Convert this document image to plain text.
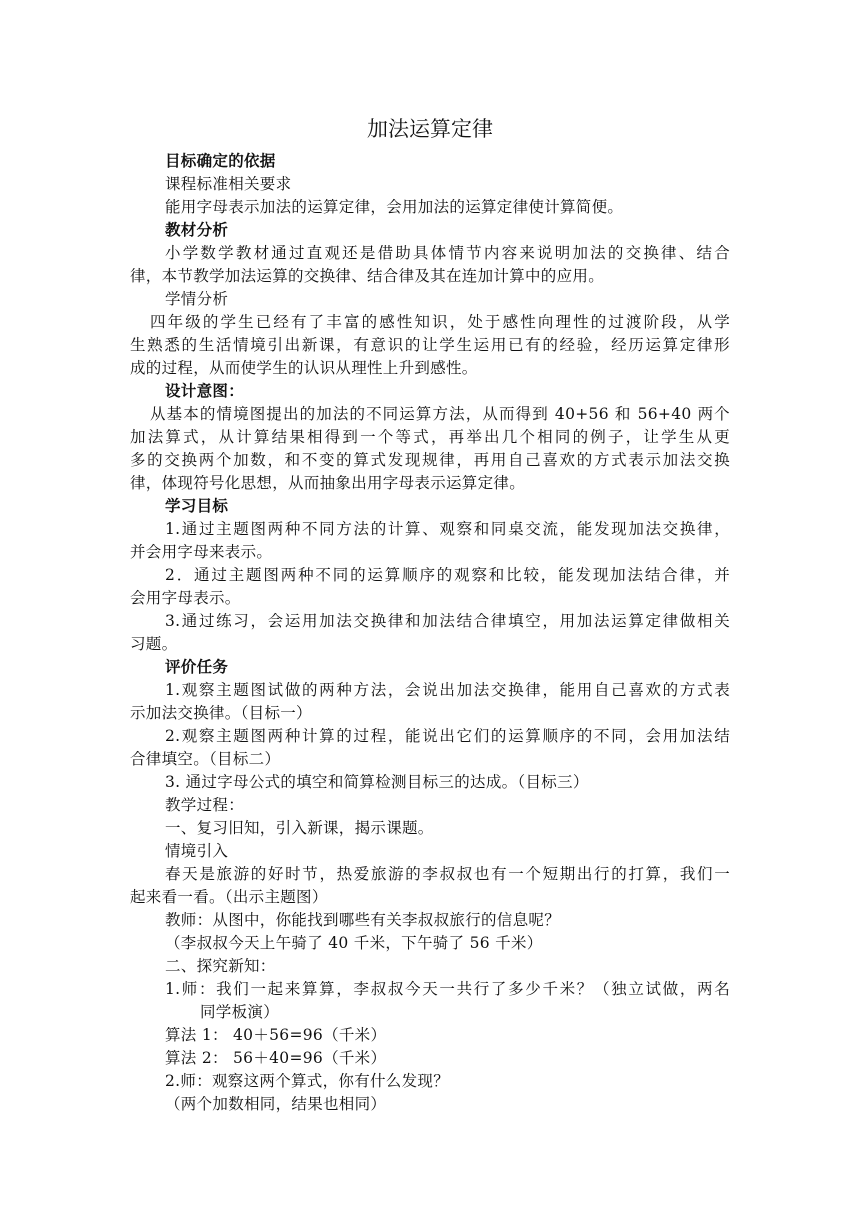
加法运算定律
目标确定的依据
课程标准相关要求
能用字母表示加法的运算定律，会用加法的运算定律使计算简便。
教材分析
小学数学教材通过直观还是借助具体情节内容来说明加法的交换律、结合
律，本节教学加法运算的交换律、结合律及其在连加计算中的应用。
学情分析
四年级的学生已经有了丰富的感性知识，处于感性向理性的过渡阶段，从学
生熟悉的生活情境引出新课，有意识的让学生运用已有的经验，经历运算定律形
成的过程，从而使学生的认识从理性上升到感性。
设计意图：
从基本的情境图提出的加法的不同运算方法，从而得到 40+56 和 56+40 两个
加法算式，从计算结果相得到一个等式，再举出几个相同的例子，让学生从更
多的交换两个加数，和不变的算式发现规律，再用自己喜欢的方式表示加法交换
律，体现符号化思想，从而抽象出用字母表示运算定律。
学习目标
1.通过主题图两种不同方法的计算、观察和同桌交流，能发现加法交换律，
并会用字母来表示。
2．通过主题图两种不同的运算顺序的观察和比较，能发现加法结合律，并
会用字母表示。
3.通过练习，会运用加法交换律和加法结合律填空，用加法运算定律做相关
习题。
评价任务
1.观察主题图试做的两种方法，会说出加法交换律，能用自己喜欢的方式表
示加法交换律。（目标一）
2.观察主题图两种计算的过程，能说出它们的运算顺序的不同，会用加法结
合律填空。（目标二）
3. 通过字母公式的填空和简算检测目标三的达成。（目标三）
教学过程：
一、复习旧知，引入新课，揭示课题。
情境引入
春天是旅游的好时节，热爱旅游的李叔叔也有一个短期出行的打算，我们一
起来看一看。（出示主题图）
教师：从图中，你能找到哪些有关李叔叔旅行的信息呢？
（李叔叔今天上午骑了 40 千米，下午骑了 56 千米）
二、探究新知：
1.师：我们一起来算算，李叔叔今天一共行了多少千米？（独立试做，两名
同学板演）
算法 1： 40＋56=96（千米）
算法 2： 56＋40=96（千米）
2.师：观察这两个算式，你有什么发现？
（两个加数相同，结果也相同）
